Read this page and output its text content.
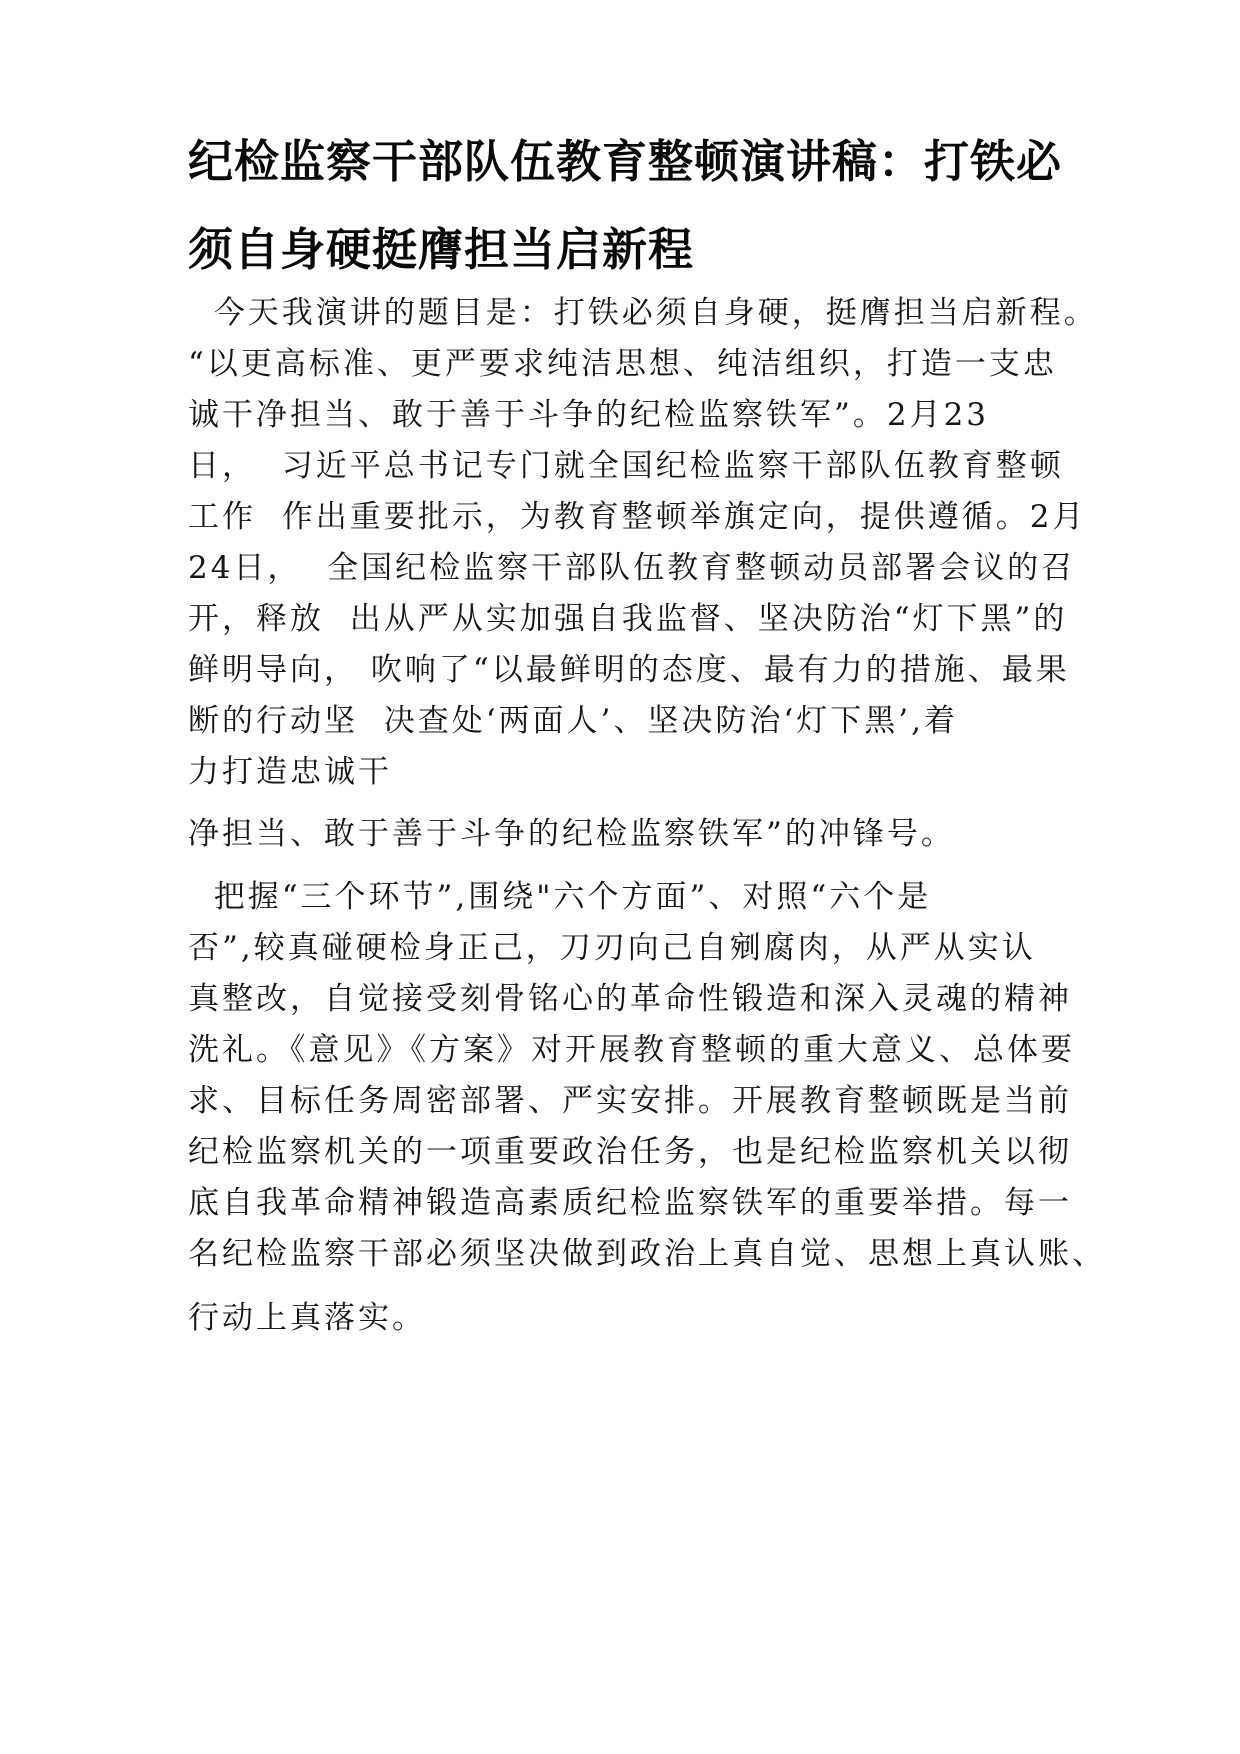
纪检监察干部队伍教育整顿演讲稿：打铁必
须自身硬挺膺担当启新程
今天我演讲的题目是：打铁必须自身硬，挺膺担当启新程。
“以更高标准、更严要求纯洁思想、纯洁组织，打造一支忠
诚干净担当、敢于善于斗争的纪检监察铁军”。2月23
日，  习近平总书记专门就全国纪检监察干部队伍教育整顿
工作  作出重要批示，为教育整顿举旗定向，提供遵循。2月
24日，  全国纪检监察干部队伍教育整顿动员部署会议的召
开，释放  出从严从实加强自我监督、坚决防治“灯下黑”的
鲜明导向， 吹响了“以最鲜明的态度、最有力的措施、最果
断的行动坚  决查处‘两面人’、坚决防治‘灯下黑’,着
力打造忠诚干
净担当、敢于善于斗争的纪检监察铁军”的冲锋号。
把握“三个环节”,围绕"六个方面”、对照“六个是
否”,较真碰硬检身正己，刀刃向己自剜腐肉，从严从实认
真整改，自觉接受刻骨铭心的革命性锻造和深入灵魂的精神
洗礼。《意见》《方案》对开展教育整顿的重大意义、总体要
求、目标任务周密部署、严实安排。开展教育整顿既是当前
纪检监察机关的一项重要政治任务，也是纪检监察机关以彻
底自我革命精神锻造高素质纪检监察铁军的重要举措。每一
名纪检监察干部必须坚决做到政治上真自觉、思想上真认账、
行动上真落实。
